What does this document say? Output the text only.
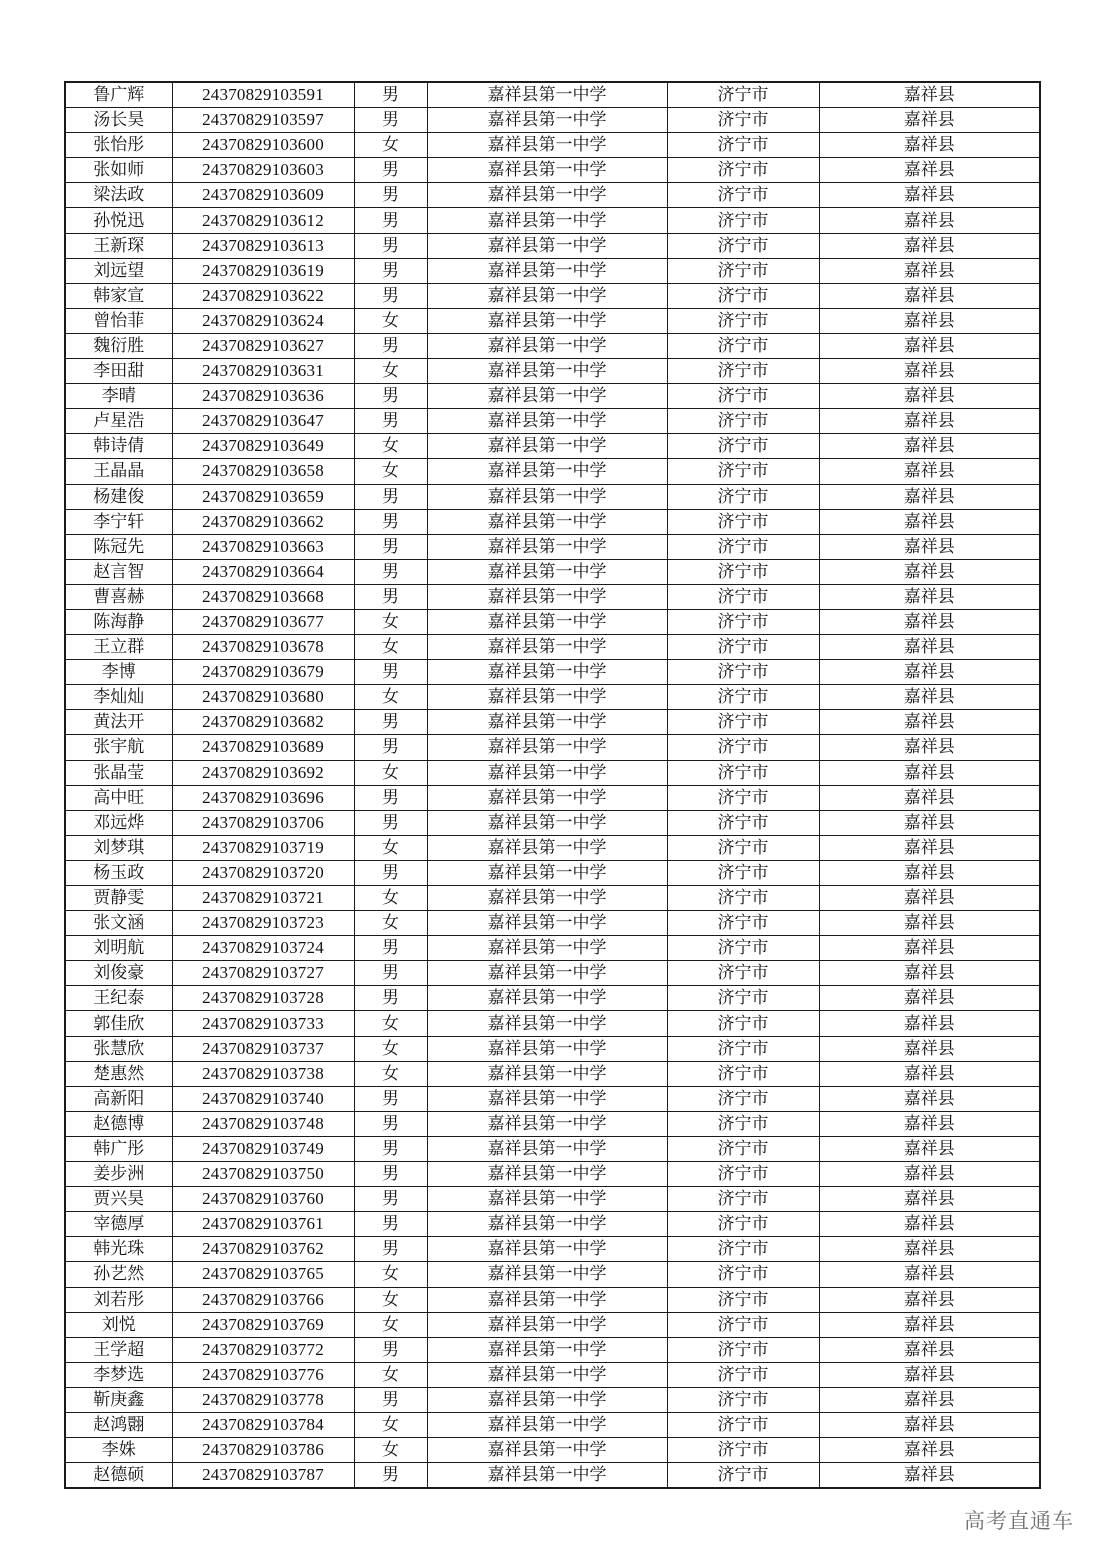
鲁广辉	24370829103591	男	嘉祥县第一中学	济宁市	嘉祥县
汤长昊	24370829103597	男	嘉祥县第一中学	济宁市	嘉祥县
张怡彤	24370829103600	女	嘉祥县第一中学	济宁市	嘉祥县
张如师	24370829103603	男	嘉祥县第一中学	济宁市	嘉祥县
梁法政	24370829103609	男	嘉祥县第一中学	济宁市	嘉祥县
孙悦迅	24370829103612	男	嘉祥县第一中学	济宁市	嘉祥县
王新琛	24370829103613	男	嘉祥县第一中学	济宁市	嘉祥县
刘远望	24370829103619	男	嘉祥县第一中学	济宁市	嘉祥县
韩家宣	24370829103622	男	嘉祥县第一中学	济宁市	嘉祥县
曾怡菲	24370829103624	女	嘉祥县第一中学	济宁市	嘉祥县
魏衍胜	24370829103627	男	嘉祥县第一中学	济宁市	嘉祥县
李田甜	24370829103631	女	嘉祥县第一中学	济宁市	嘉祥县
李晴	24370829103636	男	嘉祥县第一中学	济宁市	嘉祥县
卢星浩	24370829103647	男	嘉祥县第一中学	济宁市	嘉祥县
韩诗倩	24370829103649	女	嘉祥县第一中学	济宁市	嘉祥县
王晶晶	24370829103658	女	嘉祥县第一中学	济宁市	嘉祥县
杨建俊	24370829103659	男	嘉祥县第一中学	济宁市	嘉祥县
李宁轩	24370829103662	男	嘉祥县第一中学	济宁市	嘉祥县
陈冠先	24370829103663	男	嘉祥县第一中学	济宁市	嘉祥县
赵言智	24370829103664	男	嘉祥县第一中学	济宁市	嘉祥县
曹喜赫	24370829103668	男	嘉祥县第一中学	济宁市	嘉祥县
陈海静	24370829103677	女	嘉祥县第一中学	济宁市	嘉祥县
王立群	24370829103678	女	嘉祥县第一中学	济宁市	嘉祥县
李博	24370829103679	男	嘉祥县第一中学	济宁市	嘉祥县
李灿灿	24370829103680	女	嘉祥县第一中学	济宁市	嘉祥县
黄法开	24370829103682	男	嘉祥县第一中学	济宁市	嘉祥县
张宇航	24370829103689	男	嘉祥县第一中学	济宁市	嘉祥县
张晶莹	24370829103692	女	嘉祥县第一中学	济宁市	嘉祥县
高中旺	24370829103696	男	嘉祥县第一中学	济宁市	嘉祥县
邓远烨	24370829103706	男	嘉祥县第一中学	济宁市	嘉祥县
刘梦琪	24370829103719	女	嘉祥县第一中学	济宁市	嘉祥县
杨玉政	24370829103720	男	嘉祥县第一中学	济宁市	嘉祥县
贾静雯	24370829103721	女	嘉祥县第一中学	济宁市	嘉祥县
张文涵	24370829103723	女	嘉祥县第一中学	济宁市	嘉祥县
刘明航	24370829103724	男	嘉祥县第一中学	济宁市	嘉祥县
刘俊豪	24370829103727	男	嘉祥县第一中学	济宁市	嘉祥县
王纪泰	24370829103728	男	嘉祥县第一中学	济宁市	嘉祥县
郭佳欣	24370829103733	女	嘉祥县第一中学	济宁市	嘉祥县
张慧欣	24370829103737	女	嘉祥县第一中学	济宁市	嘉祥县
楚惠然	24370829103738	女	嘉祥县第一中学	济宁市	嘉祥县
高新阳	24370829103740	男	嘉祥县第一中学	济宁市	嘉祥县
赵德博	24370829103748	男	嘉祥县第一中学	济宁市	嘉祥县
韩广彤	24370829103749	男	嘉祥县第一中学	济宁市	嘉祥县
姜步洲	24370829103750	男	嘉祥县第一中学	济宁市	嘉祥县
贾兴昊	24370829103760	男	嘉祥县第一中学	济宁市	嘉祥县
宰德厚	24370829103761	男	嘉祥县第一中学	济宁市	嘉祥县
韩光珠	24370829103762	男	嘉祥县第一中学	济宁市	嘉祥县
孙艺然	24370829103765	女	嘉祥县第一中学	济宁市	嘉祥县
刘若彤	24370829103766	女	嘉祥县第一中学	济宁市	嘉祥县
刘悦	24370829103769	女	嘉祥县第一中学	济宁市	嘉祥县
王学超	24370829103772	男	嘉祥县第一中学	济宁市	嘉祥县
李梦选	24370829103776	女	嘉祥县第一中学	济宁市	嘉祥县
靳庚鑫	24370829103778	男	嘉祥县第一中学	济宁市	嘉祥县
赵鸿翾	24370829103784	女	嘉祥县第一中学	济宁市	嘉祥县
李姝	24370829103786	女	嘉祥县第一中学	济宁市	嘉祥县
赵德硕	24370829103787	男	嘉祥县第一中学	济宁市	嘉祥县
高考直通车
